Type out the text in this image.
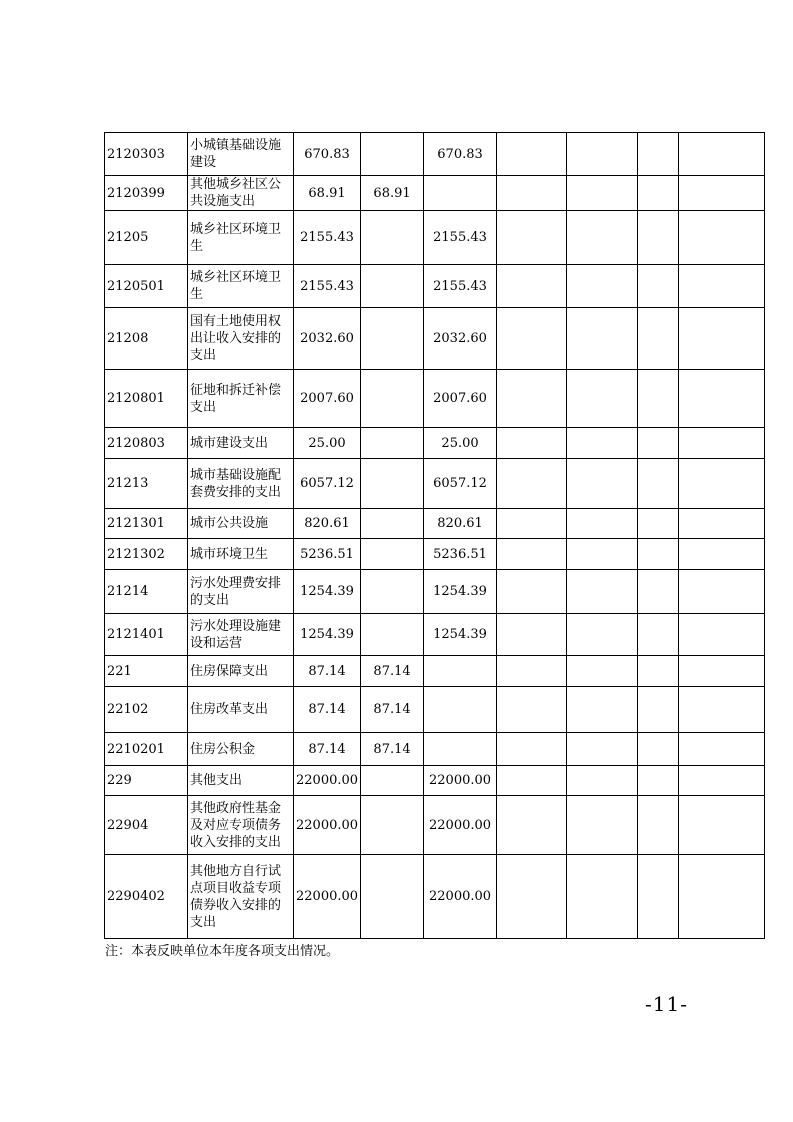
2120303	小城镇基础设施建设	670.83		670.83				
2120399	其他城乡社区公共设施支出	68.91	68.91					
21205	城乡社区环境卫生	2155.43		2155.43				
2120501	城乡社区环境卫生	2155.43		2155.43				
21208	国有土地使用权出让收入安排的支出	2032.60		2032.60				
2120801	征地和拆迁补偿支出	2007.60		2007.60				
2120803	城市建设支出	25.00		25.00				
21213	城市基础设施配套费安排的支出	6057.12		6057.12				
2121301	城市公共设施	820.61		820.61				
2121302	城市环境卫生	5236.51		5236.51				
21214	污水处理费安排的支出	1254.39		1254.39				
2121401	污水处理设施建设和运营	1254.39		1254.39				
221	住房保障支出	87.14	87.14					
22102	住房改革支出	87.14	87.14					
2210201	住房公积金	87.14	87.14					
229	其他支出	22000.00		22000.00				
22904	其他政府性基金及对应专项债务收入安排的支出	22000.00		22000.00				
2290402	其他地方自行试点项目收益专项债券收入安排的支出	22000.00		22000.00				
注：本表反映单位本年度各项支出情况。
-11-
